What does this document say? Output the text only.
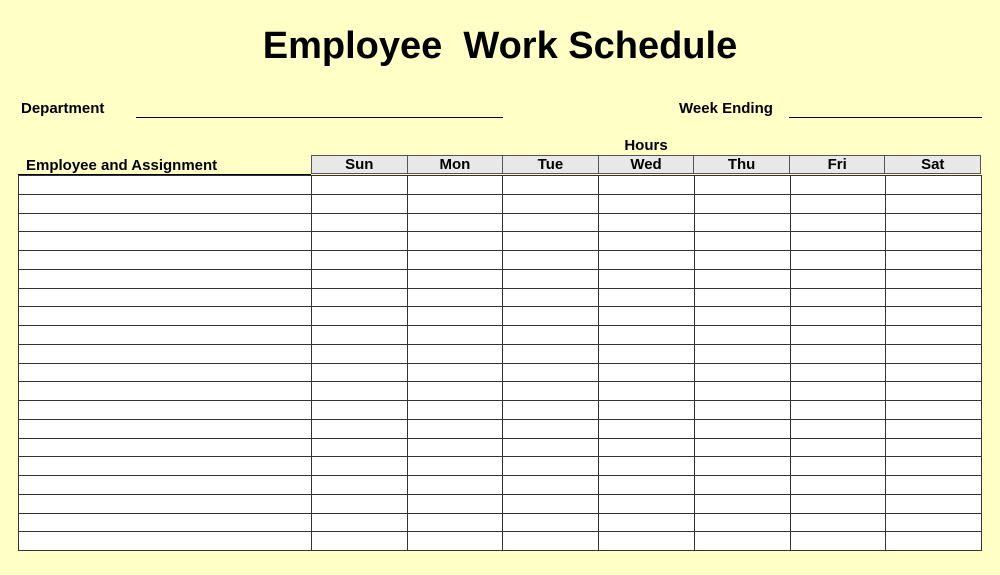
Employee  Work Schedule
Department	Week Ending
Hours
Employee and Assignment	Sun	Mon	Tue	Wed	Thu	Fri	Sat
